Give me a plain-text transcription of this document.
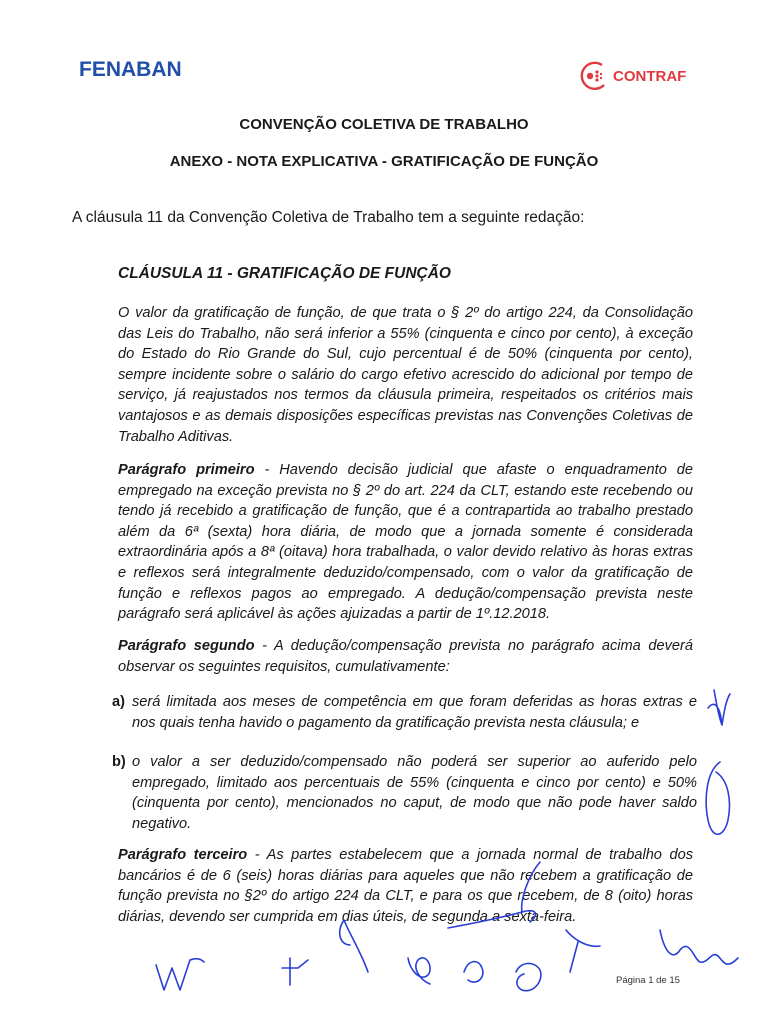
FENABAN	CONTRAF
CONVENÇÃO COLETIVA DE TRABALHO
ANEXO - NOTA EXPLICATIVA - GRATIFICAÇÃO DE FUNÇÃO
A cláusula 11 da Convenção Coletiva de Trabalho tem a seguinte redação:
CLÁUSULA 11 - GRATIFICAÇÃO DE FUNÇÃO
O valor da gratificação de função, de que trata o § 2º do artigo 224, da Consolidação das Leis do Trabalho, não será inferior a 55% (cinquenta e cinco por cento), à exceção do Estado do Rio Grande do Sul, cujo percentual é de 50% (cinquenta por cento), sempre incidente sobre o salário do cargo efetivo acrescido do adicional por tempo de serviço, já reajustados nos termos da cláusula primeira, respeitados os critérios mais vantajosos e as demais disposições específicas previstas nas Convenções Coletivas de Trabalho Aditivas.
Parágrafo primeiro - Havendo decisão judicial que afaste o enquadramento de empregado na exceção prevista no § 2º do art. 224 da CLT, estando este recebendo ou tendo já recebido a gratificação de função, que é a contrapartida ao trabalho prestado além da 6ª (sexta) hora diária, de modo que a jornada somente é considerada extraordinária após a 8ª (oitava) hora trabalhada, o valor devido relativo às horas extras e reflexos será integralmente deduzido/compensado, com o valor da gratificação de função e reflexos pagos ao empregado. A dedução/compensação prevista neste parágrafo será aplicável às ações ajuizadas a partir de 1º.12.2018.
Parágrafo segundo - A dedução/compensação prevista no parágrafo acima deverá observar os seguintes requisitos, cumulativamente:
a) será limitada aos meses de competência em que foram deferidas as horas extras e nos quais tenha havido o pagamento da gratificação prevista nesta cláusula; e
b) o valor a ser deduzido/compensado não poderá ser superior ao auferido pelo empregado, limitado aos percentuais de 55% (cinquenta e cinco por cento) e 50% (cinquenta por cento), mencionados no caput, de modo que não pode haver saldo negativo.
Parágrafo terceiro - As partes estabelecem que a jornada normal de trabalho dos bancários é de 6 (seis) horas diárias para aqueles que não recebem a gratificação de função prevista no §2º do artigo 224 da CLT, e para os que recebem, de 8 (oito) horas diárias, devendo ser cumprida em dias úteis, de segunda a sexta-feira.
Página 1 de 15
